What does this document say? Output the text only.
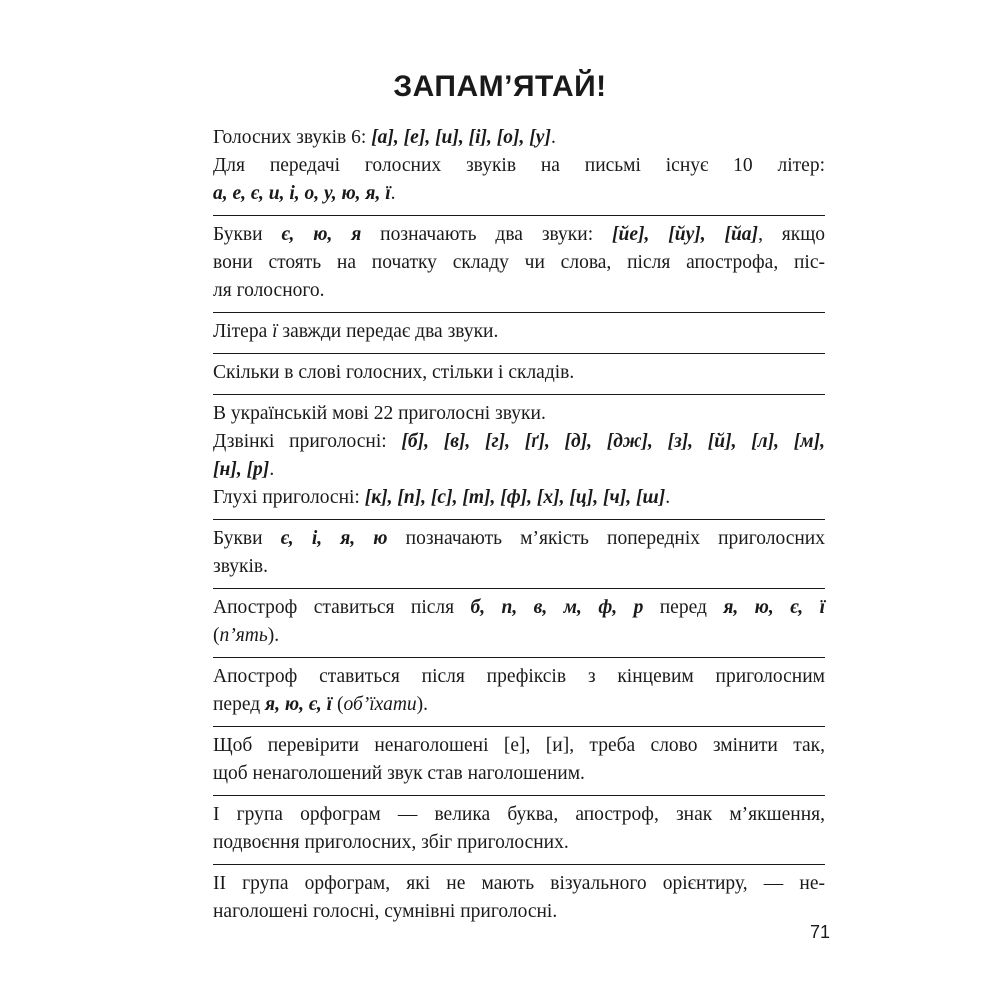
ЗАПАМ’ЯТАЙ!
Голосних звуків 6: [а], [е], [и], [і], [о], [у].
Для передачі голосних звуків на письмі існує 10 літер:
а, е, є, и, і, о, у, ю, я, ї.
Букви є, ю, я позначають два звуки: [йе], [йу], [йа], якщо
вони стоять на початку складу чи слова, після апострофа, піс-
ля голосного.
Літера ї завжди передає два звуки.
Скільки в слові голосних, стільки і складів.
В українській мові 22 приголосні звуки.
Дзвінкі приголосні: [б], [в], [г], [ґ], [д], [дж], [з], [й], [л], [м],
[н], [р].
Глухі приголосні: [к], [п], [с], [т], [ф], [х], [ц], [ч], [ш].
Букви є, і, я, ю позначають м’якість попередніх приголосних
звуків.
Апостроф ставиться після б, п, в, м, ф, р перед я, ю, є, ї
(п’ять).
Апостроф ставиться після префіксів з кінцевим приголосним
перед я, ю, є, ї (об’їхати).
Щоб перевірити ненаголошені [е], [и], треба слово змінити так,
щоб ненаголошений звук став наголошеним.
І група орфограм — велика буква, апостроф, знак м’якшення,
подвоєння приголосних, збіг приголосних.
ІІ група орфограм, які не мають візуального орієнтиру, — не-
наголошені голосні, сумнівні приголосні.
71
